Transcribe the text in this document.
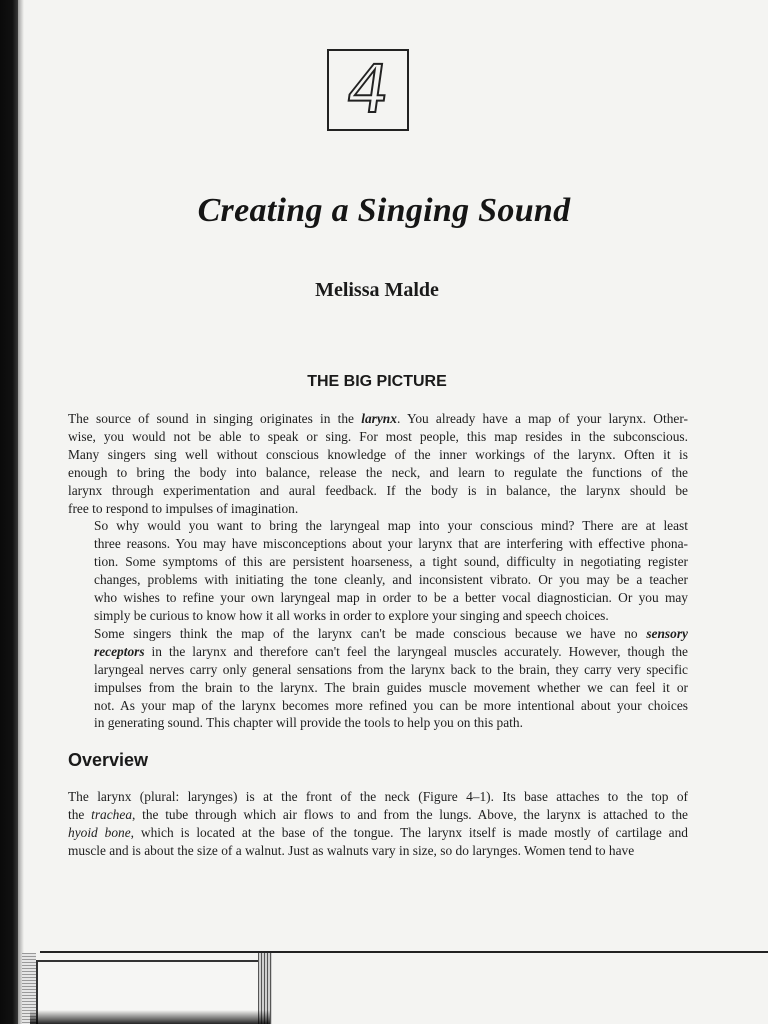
4
Creating a Singing Sound
Melissa Malde
THE BIG PICTURE

The source of sound in singing originates in the larynx. You already have a map of your larynx. Other-
wise, you would not be able to speak or sing. For most people, this map resides in the subconscious.
Many singers sing well without conscious knowledge of the inner workings of the larynx. Often it is
enough to bring the body into balance, release the neck, and learn to regulate the functions of the
larynx through experimentation and aural feedback. If the body is in balance, the larynx should be
free to respond to impulses of imagination.

So why would you want to bring the laryngeal map into your conscious mind? There are at least
three reasons. You may have misconceptions about your larynx that are interfering with effective phona-
tion. Some symptoms of this are persistent hoarseness, a tight sound, difficulty in negotiating register
changes, problems with initiating the tone cleanly, and inconsistent vibrato. Or you may be a teacher
who wishes to refine your own laryngeal map in order to be a better vocal diagnostician. Or you may
simply be curious to know how it all works in order to explore your singing and speech choices.

Some singers think the map of the larynx can't be made conscious because we have no sensory
receptors in the larynx and therefore can't feel the laryngeal muscles accurately. However, though the
laryngeal nerves carry only general sensations from the larynx back to the brain, they carry very specific
impulses from the brain to the larynx. The brain guides muscle movement whether we can feel it or
not. As your map of the larynx becomes more refined you can be more intentional about your choices
in generating sound. This chapter will provide the tools to help you on this path.

Overview

The larynx (plural: larynges) is at the front of the neck (Figure 4–1). Its base attaches to the top of
the trachea, the tube through which air flows to and from the lungs. Above, the larynx is attached to the
hyoid bone, which is located at the base of the tongue. The larynx itself is made mostly of cartilage and
muscle and is about the size of a walnut. Just as walnuts vary in size, so do larynges. Women tend to have
